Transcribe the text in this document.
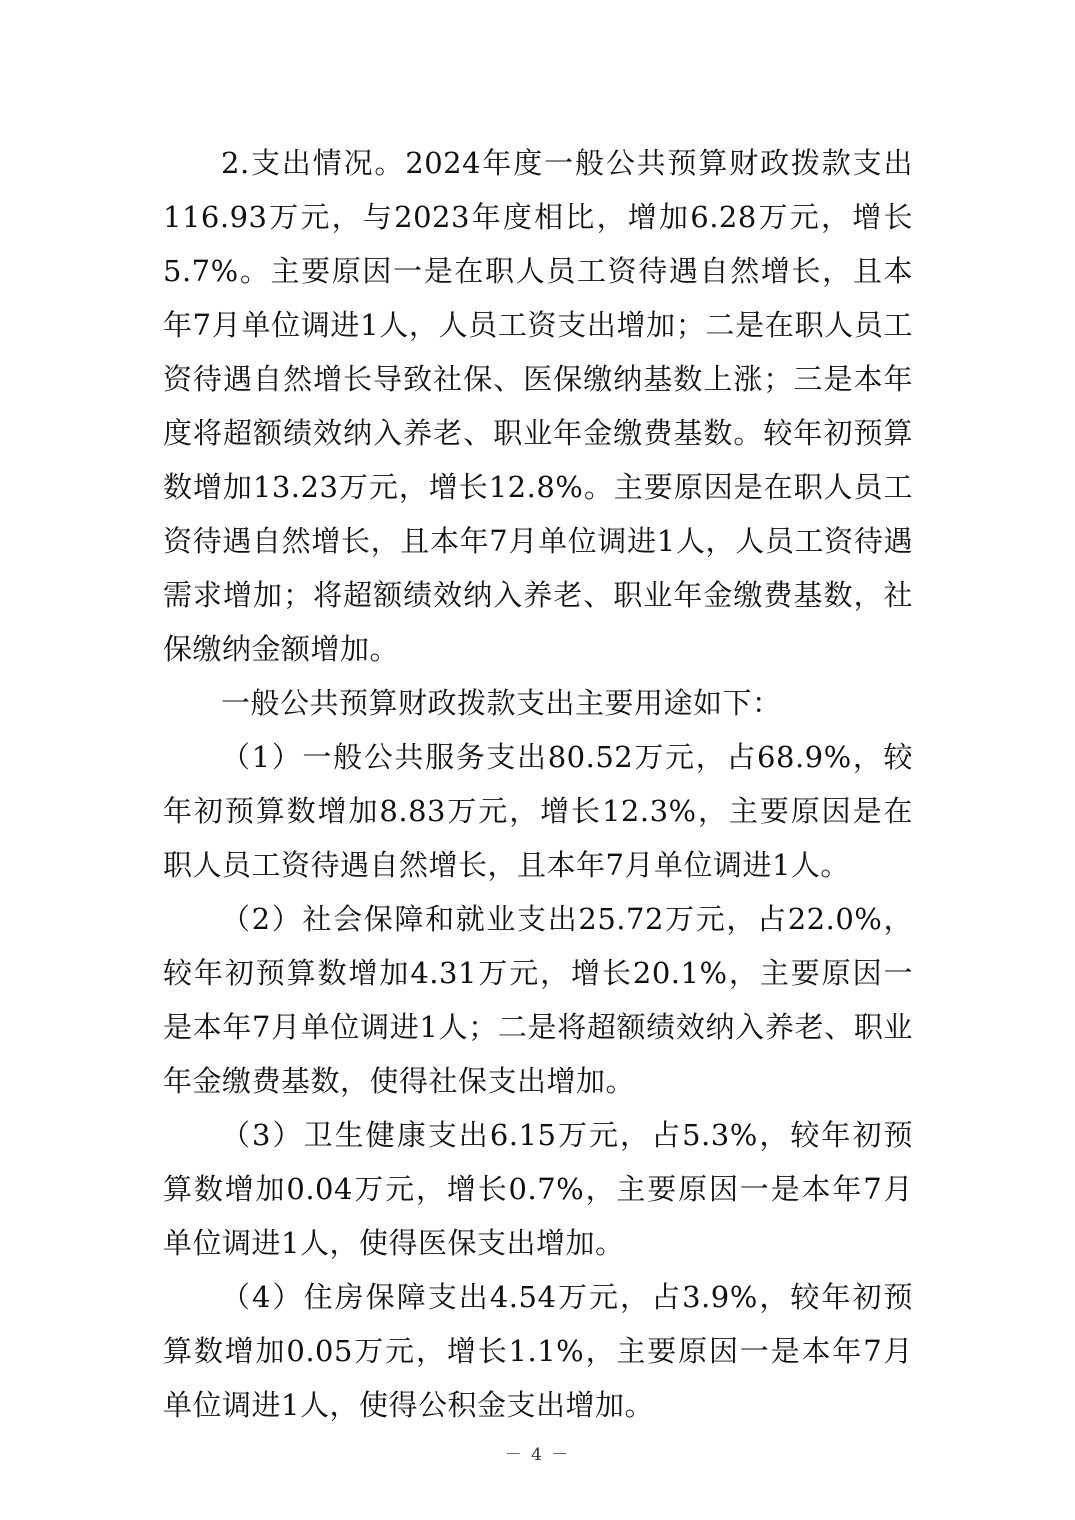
2.支出情况。2024年度一般公共预算财政拨款支出116.93万元，与2023年度相比，增加6.28万元，增长5.7%。主要原因一是在职人员工资待遇自然增长，且本年7月单位调进1人，人员工资支出增加；二是在职人员工资待遇自然增长导致社保、医保缴纳基数上涨；三是本年度将超额绩效纳入养老、职业年金缴费基数。较年初预算数增加13.23万元，增长12.8%。主要原因是在职人员工资待遇自然增长，且本年7月单位调进1人，人员工资待遇需求增加；将超额绩效纳入养老、职业年金缴费基数，社保缴纳金额增加。

一般公共预算财政拨款支出主要用途如下：

（1）一般公共服务支出80.52万元，占68.9%，较年初预算数增加8.83万元，增长12.3%，主要原因是在职人员工资待遇自然增长，且本年7月单位调进1人。

（2）社会保障和就业支出25.72万元，占22.0%，较年初预算数增加4.31万元，增长20.1%，主要原因一是本年7月单位调进1人；二是将超额绩效纳入养老、职业年金缴费基数，使得社保支出增加。

（3）卫生健康支出6.15万元，占5.3%，较年初预算数增加0.04万元，增长0.7%，主要原因一是本年7月单位调进1人，使得医保支出增加。

（4）住房保障支出4.54万元，占3.9%，较年初预算数增加0.05万元，增长1.1%，主要原因一是本年7月单位调进1人，使得公积金支出增加。

－ 4 －
